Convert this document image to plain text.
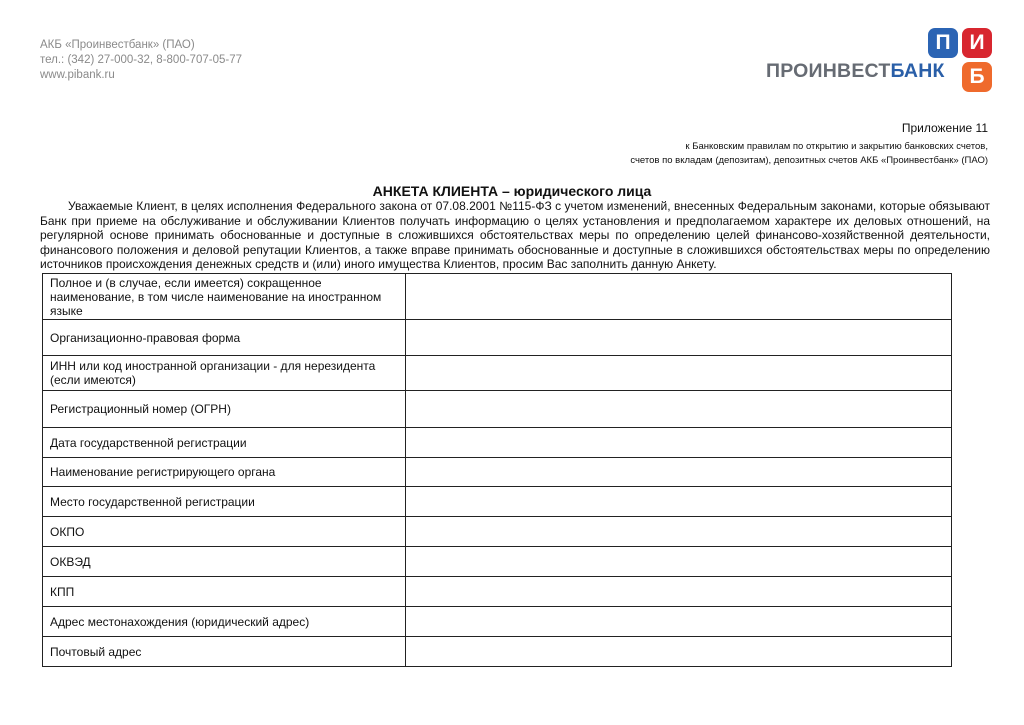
АКБ «Проинвестбанк» (ПАО)
тел.: (342) 27-000-32, 8-800-707-05-77
www.pibank.ru
П И
Б
ПРОИНВЕСТБАНК
Приложение 11
к Банковским правилам по открытию и закрытию банковских счетов,
счетов по вкладам (депозитам), депозитных счетов АКБ «Проинвестбанк» (ПАО)
АНКЕТА КЛИЕНТА – юридического лица
Уважаемые Клиент, в целях исполнения Федерального закона от 07.08.2001 №115-ФЗ с учетом изменений, внесенных Федеральным законами, которые обязывают Банк при приеме на обслуживание и обслуживании Клиентов получать информацию о целях установления и предполагаемом характере их деловых отношений, на регулярной основе принимать обоснованные и доступные в сложившихся обстоятельствах меры по определению целей финансово-хозяйственной деятельности, финансового положения и деловой репутации Клиентов, а также вправе принимать обоснованные и доступные в сложившихся обстоятельствах меры по определению источников происхождения денежных средств и (или) иного имущества Клиентов, просим Вас заполнить данную Анкету.
Полное и (в случае, если имеется) сокращенное наименование, в том числе наименование на иностранном языке	
Организационно-правовая форма	
ИНН или код иностранной организации - для нерезидента (если имеются)	
Регистрационный номер (ОГРН)	
Дата государственной регистрации	
Наименование регистрирующего органа	
Место государственной регистрации	
ОКПО	
ОКВЭД	
КПП	
Адрес местонахождения (юридический адрес)	
Почтовый адрес	
